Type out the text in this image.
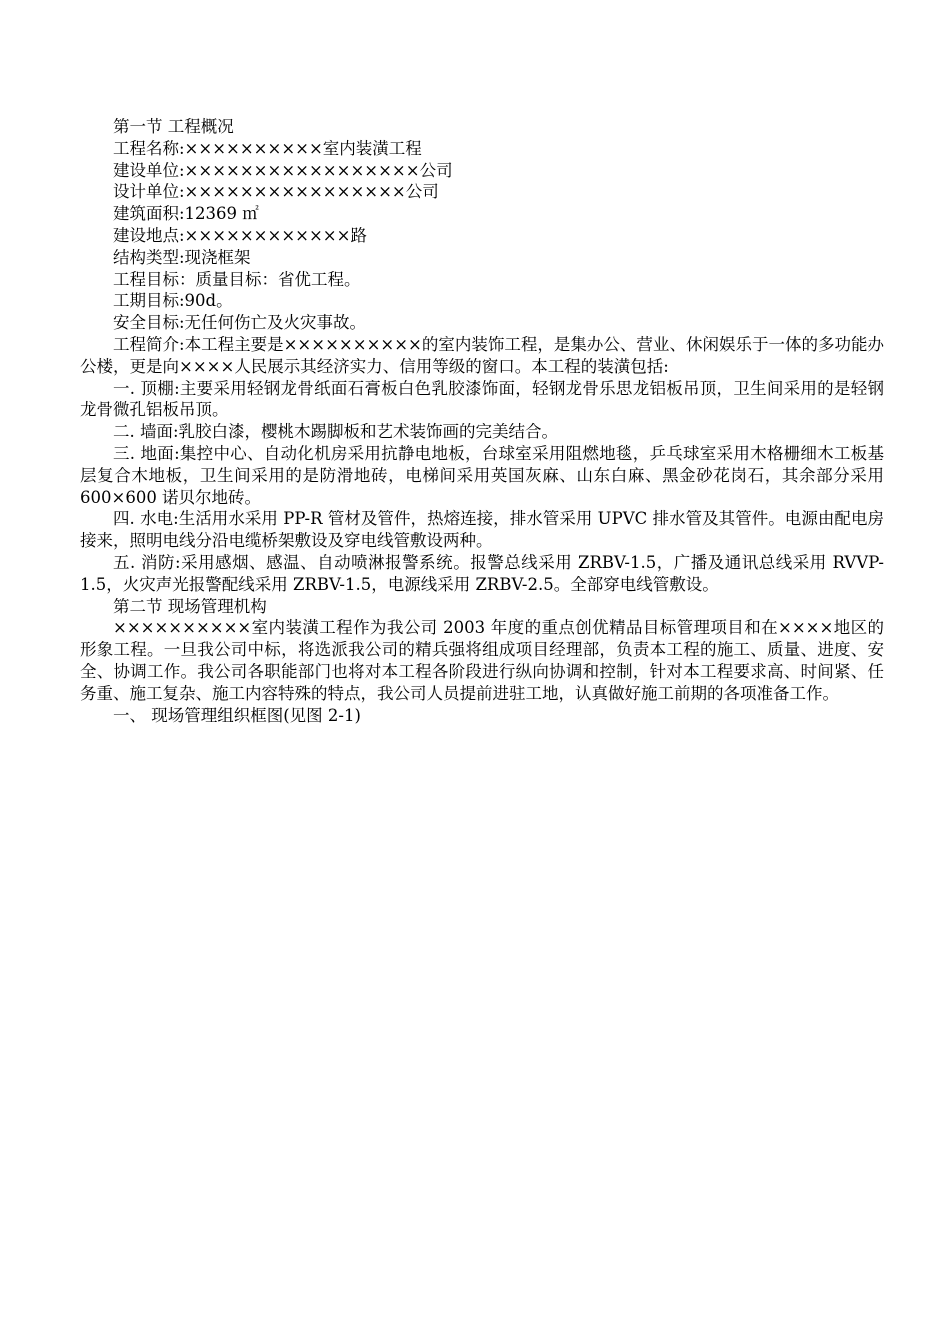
第一节 工程概况

工程名称:××××××××××室内装潢工程

建设单位:×××××××××××××××××公司

设计单位:××××××××××××××××公司

建筑面积:12369 ㎡

建设地点:××××××××××××路

结构类型:现浇框架

工程目标：质量目标：省优工程。

工期目标:90d。

安全目标:无任何伤亡及火灾事故。

工程简介:本工程主要是××××××××××的室内装饰工程，是集办公、营业、休闲娱乐于一体的多功能办公楼，更是向××××人民展示其经济实力、信用等级的窗口。本工程的装潢包括:

一. 顶棚:主要采用轻钢龙骨纸面石膏板白色乳胶漆饰面，轻钢龙骨乐思龙铝板吊顶，卫生间采用的是轻钢龙骨微孔铝板吊顶。

二. 墙面:乳胶白漆，樱桃木踢脚板和艺术装饰画的完美结合。

三. 地面:集控中心、自动化机房采用抗静电地板，台球室采用阻燃地毯，乒乓球室采用木格栅细木工板基层复合木地板，卫生间采用的是防滑地砖，电梯间采用英国灰麻、山东白麻、黑金砂花岗石，其余部分采用 600×600 诺贝尔地砖。

四. 水电:生活用水采用 PP-R 管材及管件，热熔连接，排水管采用 UPVC 排水管及其管件。电源由配电房接来，照明电线分沿电缆桥架敷设及穿电线管敷设两种。

五. 消防:采用感烟、感温、自动喷淋报警系统。报警总线采用 ZRBV-1.5，广播及通讯总线采用 RVVP-1.5，火灾声光报警配线采用 ZRBV-1.5，电源线采用 ZRBV-2.5。全部穿电线管敷设。

第二节 现场管理机构

××××××××××室内装潢工程作为我公司 2003 年度的重点创优精品目标管理项目和在××××地区的形象工程。一旦我公司中标，将选派我公司的精兵强将组成项目经理部，负责本工程的施工、质量、进度、安全、协调工作。我公司各职能部门也将对本工程各阶段进行纵向协调和控制，针对本工程要求高、时间紧、任务重、施工复杂、施工内容特殊的特点，我公司人员提前进驻工地，认真做好施工前期的各项准备工作。

一、 现场管理组织框图(见图 2-1)
